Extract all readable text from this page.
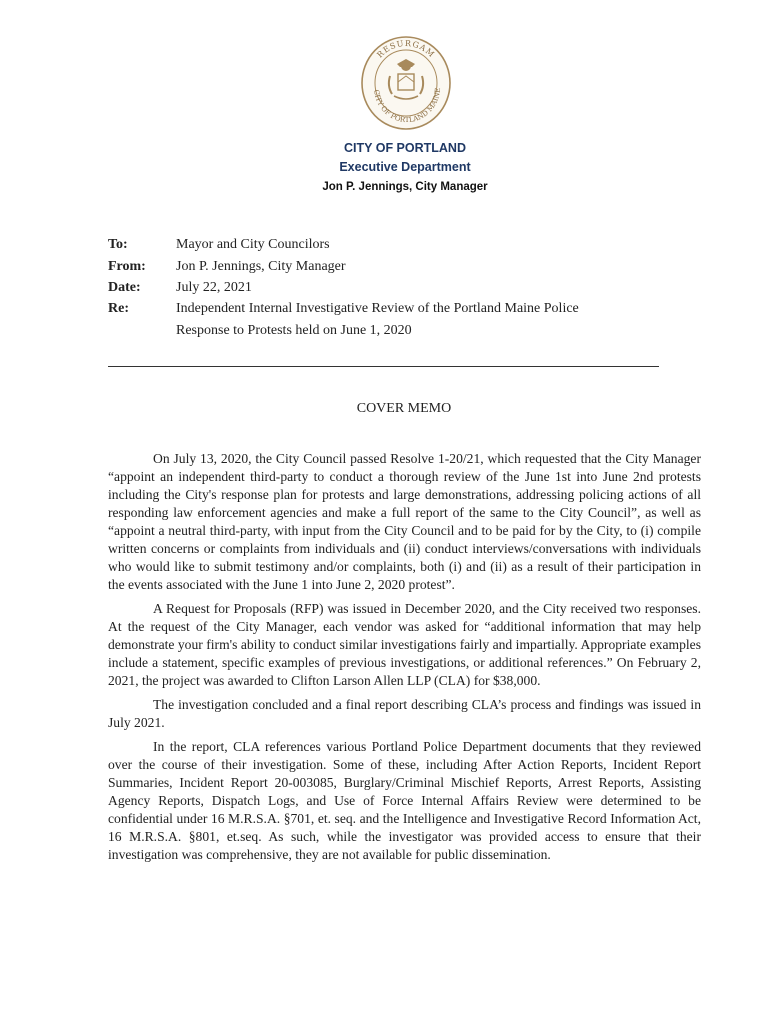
RESURGAM
CITY OF PORTLAND MAINE
CITY OF PORTLAND
Executive Department
Jon P. Jennings, City Manager
To:	Mayor and City Councilors
From: Jon P. Jennings, City Manager
Date:	July 22, 2021
Re:	Independent Internal Investigative Review of the Portland Maine Police
Response to Protests held on June 1, 2020
COVER MEMO

On July 13, 2020, the City Council passed Resolve 1-20/21, which requested that the City Manager “appoint an independent third-party to conduct a thorough review of the June 1st into June 2nd protests including the City's response plan for protests and large demonstrations, addressing policing actions of all responding law enforcement agencies and make a full report of the same to the City Council”, as well as “appoint a neutral third-party, with input from the City Council and to be paid for by the City, to (i) compile written concerns or complaints from individuals and (ii) conduct interviews/conversations with individuals who would like to submit testimony and/or complaints, both (i) and (ii) as a result of their participation in the events associated with the June 1 into June 2, 2020 protest”.

A Request for Proposals (RFP) was issued in December 2020, and the City received two responses. At the request of the City Manager, each vendor was asked for “additional information that may help demonstrate your firm's ability to conduct similar investigations fairly and impartially. Appropriate examples include a statement, specific examples of previous investigations, or additional references.” On February 2, 2021, the project was awarded to Clifton Larson Allen LLP (CLA) for $38,000.

The investigation concluded and a final report describing CLA’s process and findings was issued in July 2021.

In the report, CLA references various Portland Police Department documents that they reviewed over the course of their investigation. Some of these, including After Action Reports, Incident Report Summaries, Incident Report 20-003085, Burglary/Criminal Mischief Reports, Arrest Reports, Assisting Agency Reports, Dispatch Logs, and Use of Force Internal Affairs Review were determined to be confidential under 16 M.R.S.A. §701, et. seq. and the Intelligence and Investigative Record Information Act, 16 M.R.S.A. §801, et.seq. As such, while the investigator was provided access to ensure that their investigation was comprehensive, they are not available for public dissemination.
